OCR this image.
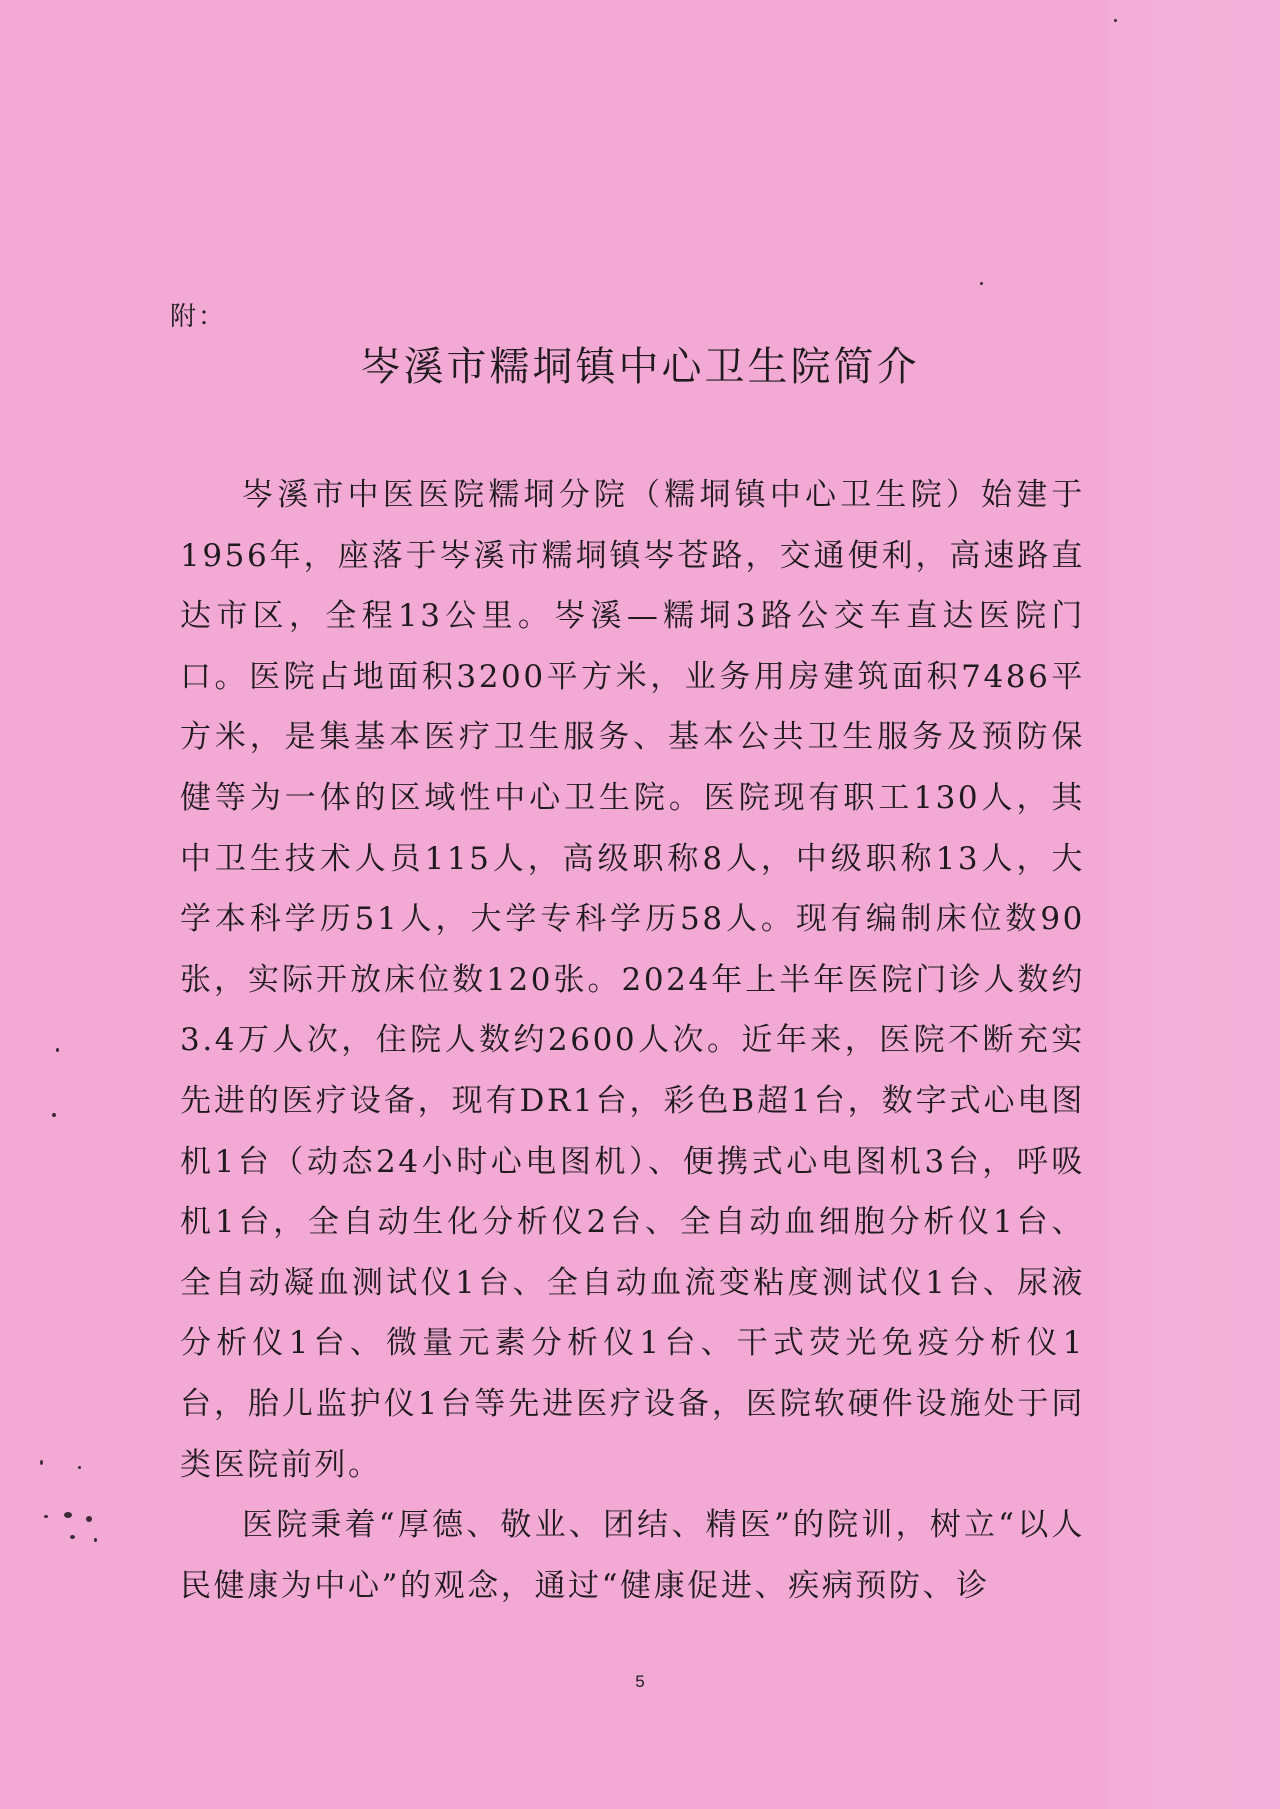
附：
岑溪市糯垌镇中心卫生院简介

岑溪市中医医院糯垌分院（糯垌镇中心卫生院）始建于1956年，座落于岑溪市糯垌镇岑苍路，交通便利，高速路直达市区，全程13公里。岑溪—糯垌3路公交车直达医院门口。医院占地面积3200平方米，业务用房建筑面积7486平方米，是集基本医疗卫生服务、基本公共卫生服务及预防保健等为一体的区域性中心卫生院。医院现有职工130人，其中卫生技术人员115人，高级职称8人，中级职称13人，大学本科学历51人，大学专科学历58人。现有编制床位数90张，实际开放床位数120张。2024年上半年医院门诊人数约3.4万人次，住院人数约2600人次。近年来，医院不断充实先进的医疗设备，现有DR1台，彩色B超1台，数字式心电图机1台（动态24小时心电图机）、便携式心电图机3台，呼吸机1台，全自动生化分析仪2台、全自动血细胞分析仪1台、全自动凝血测试仪1台、全自动血流变粘度测试仪1台、尿液分析仪1台、微量元素分析仪1台、干式荧光免疫分析仪1台，胎儿监护仪1台等先进医疗设备，医院软硬件设施处于同类医院前列。

医院秉着“厚德、敬业、团结、精医”的院训，树立“以人民健康为中心”的观念，通过“健康促进、疾病预防、诊

5
